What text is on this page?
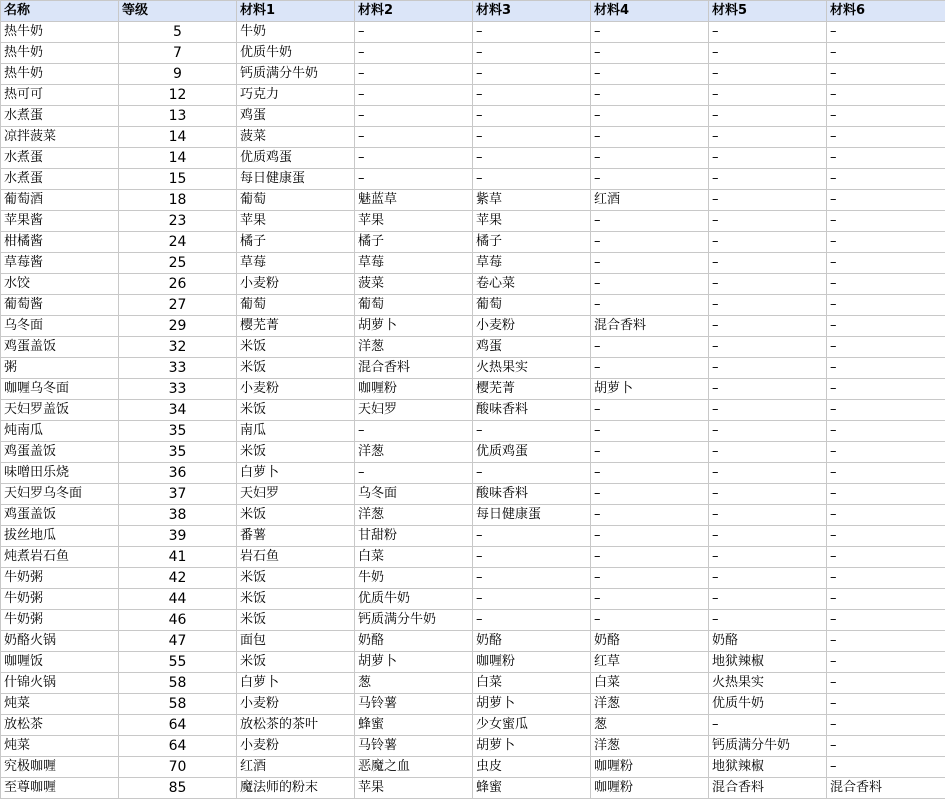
名称	等级	材料1	材料2	材料3	材料4	材料5	材料6
热牛奶	5	牛奶	–	–	–	–	–
热牛奶	7	优质牛奶	–	–	–	–	–
热牛奶	9	钙质满分牛奶	–	–	–	–	–
热可可	12	巧克力	–	–	–	–	–
水煮蛋	13	鸡蛋	–	–	–	–	–
凉拌菠菜	14	菠菜	–	–	–	–	–
水煮蛋	14	优质鸡蛋	–	–	–	–	–
水煮蛋	15	每日健康蛋	–	–	–	–	–
葡萄酒	18	葡萄	魅蓝草	紫草	红酒	–	–
苹果酱	23	苹果	苹果	苹果	–	–	–
柑橘酱	24	橘子	橘子	橘子	–	–	–
草莓酱	25	草莓	草莓	草莓	–	–	–
水饺	26	小麦粉	菠菜	卷心菜	–	–	–
葡萄酱	27	葡萄	葡萄	葡萄	–	–	–
乌冬面	29	樱芜菁	胡萝卜	小麦粉	混合香料	–	–
鸡蛋盖饭	32	米饭	洋葱	鸡蛋	–	–	–
粥	33	米饭	混合香料	火热果实	–	–	–
咖喱乌冬面	33	小麦粉	咖喱粉	樱芜菁	胡萝卜	–	–
天妇罗盖饭	34	米饭	天妇罗	酸味香料	–	–	–
炖南瓜	35	南瓜	–	–	–	–	–
鸡蛋盖饭	35	米饭	洋葱	优质鸡蛋	–	–	–
味噌田乐烧	36	白萝卜	–	–	–	–	–
天妇罗乌冬面	37	天妇罗	乌冬面	酸味香料	–	–	–
鸡蛋盖饭	38	米饭	洋葱	每日健康蛋	–	–	–
拔丝地瓜	39	番薯	甘甜粉	–	–	–	–
炖煮岩石鱼	41	岩石鱼	白菜	–	–	–	–
牛奶粥	42	米饭	牛奶	–	–	–	–
牛奶粥	44	米饭	优质牛奶	–	–	–	–
牛奶粥	46	米饭	钙质满分牛奶	–	–	–	–
奶酪火锅	47	面包	奶酪	奶酪	奶酪	奶酪	–
咖喱饭	55	米饭	胡萝卜	咖喱粉	红草	地狱辣椒	–
什锦火锅	58	白萝卜	葱	白菜	白菜	火热果实	–
炖菜	58	小麦粉	马铃薯	胡萝卜	洋葱	优质牛奶	–
放松茶	64	放松茶的茶叶	蜂蜜	少女蜜瓜	葱	–	–
炖菜	64	小麦粉	马铃薯	胡萝卜	洋葱	钙质满分牛奶	–
究极咖喱	70	红酒	恶魔之血	虫皮	咖喱粉	地狱辣椒	–
至尊咖喱	85	魔法师的粉末	苹果	蜂蜜	咖喱粉	混合香料	混合香料
